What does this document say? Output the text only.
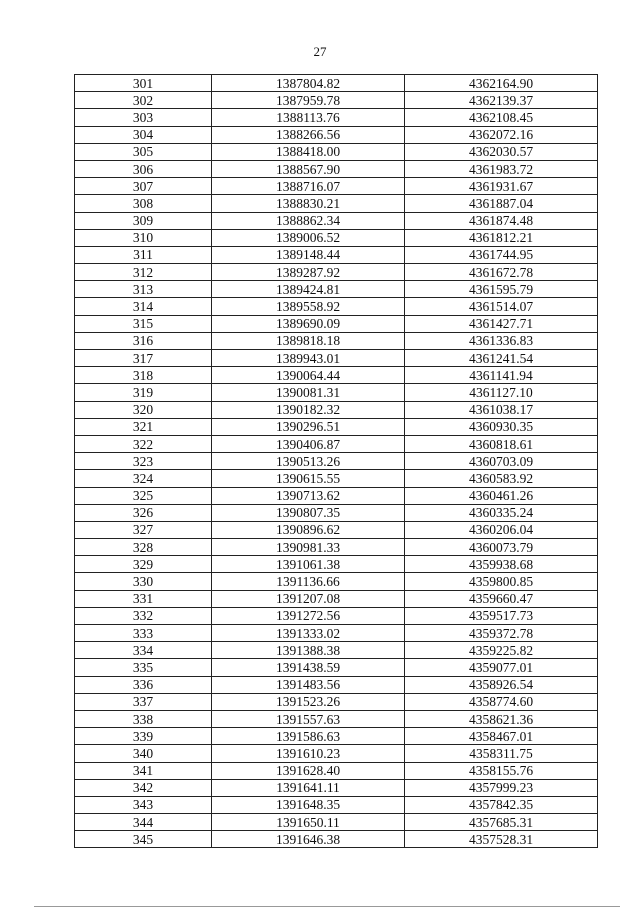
27
301	1387804.82	4362164.90
302	1387959.78	4362139.37
303	1388113.76	4362108.45
304	1388266.56	4362072.16
305	1388418.00	4362030.57
306	1388567.90	4361983.72
307	1388716.07	4361931.67
308	1388830.21	4361887.04
309	1388862.34	4361874.48
310	1389006.52	4361812.21
311	1389148.44	4361744.95
312	1389287.92	4361672.78
313	1389424.81	4361595.79
314	1389558.92	4361514.07
315	1389690.09	4361427.71
316	1389818.18	4361336.83
317	1389943.01	4361241.54
318	1390064.44	4361141.94
319	1390081.31	4361127.10
320	1390182.32	4361038.17
321	1390296.51	4360930.35
322	1390406.87	4360818.61
323	1390513.26	4360703.09
324	1390615.55	4360583.92
325	1390713.62	4360461.26
326	1390807.35	4360335.24
327	1390896.62	4360206.04
328	1390981.33	4360073.79
329	1391061.38	4359938.68
330	1391136.66	4359800.85
331	1391207.08	4359660.47
332	1391272.56	4359517.73
333	1391333.02	4359372.78
334	1391388.38	4359225.82
335	1391438.59	4359077.01
336	1391483.56	4358926.54
337	1391523.26	4358774.60
338	1391557.63	4358621.36
339	1391586.63	4358467.01
340	1391610.23	4358311.75
341	1391628.40	4358155.76
342	1391641.11	4357999.23
343	1391648.35	4357842.35
344	1391650.11	4357685.31
345	1391646.38	4357528.31
